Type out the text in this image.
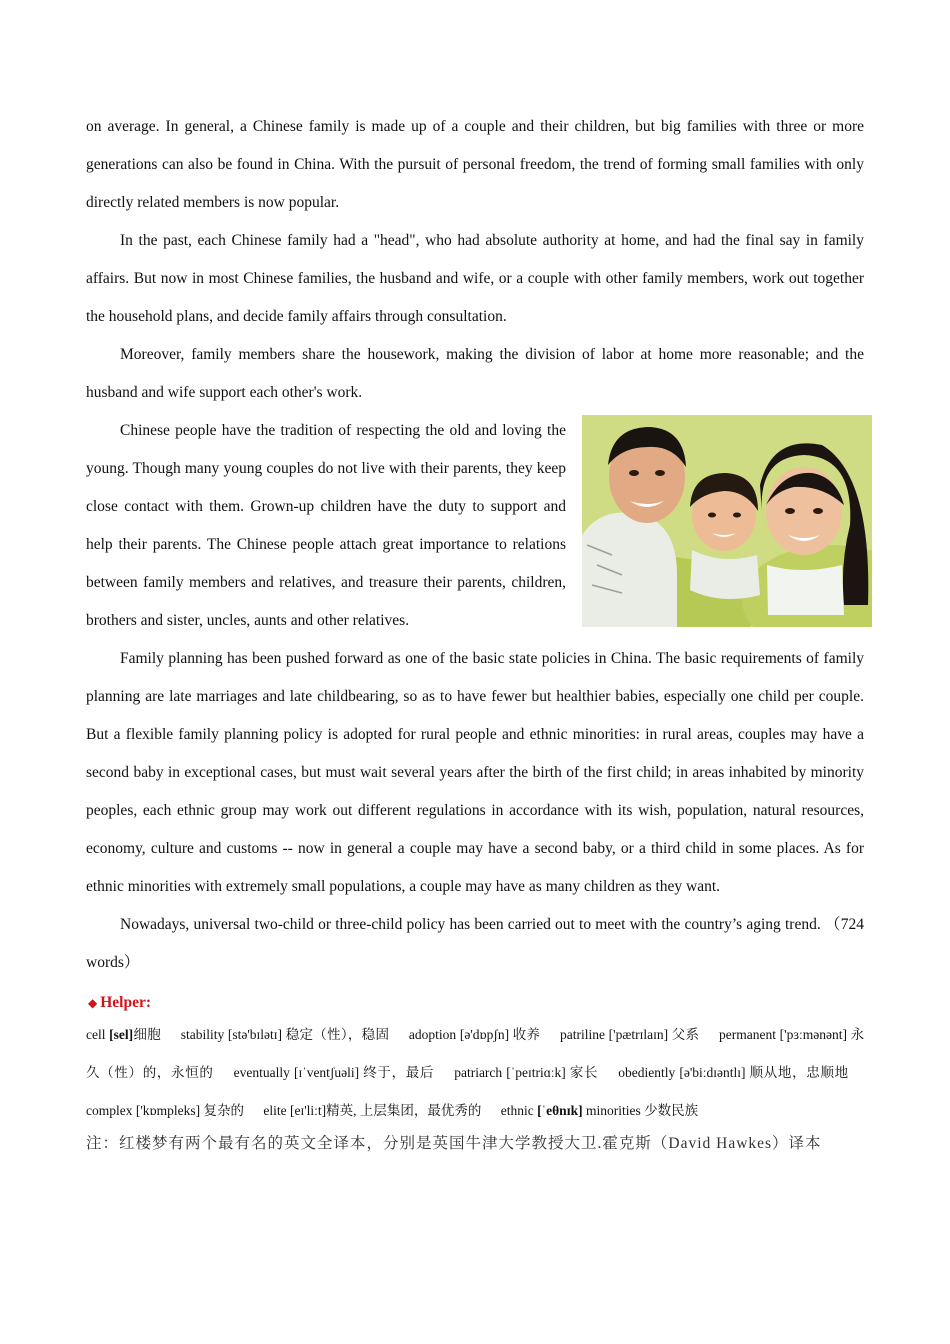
on average. In general, a Chinese family is made up of a couple and their children, but big families with three or more generations can also be found in China. With the pursuit of personal freedom, the trend of forming small families with only directly related members is now popular.

In the past, each Chinese family had a "head", who had absolute authority at home, and had the final say in family affairs. But now in most Chinese families, the husband and wife, or a couple with other family members, work out together the household plans, and decide family affairs through consultation.

Moreover, family members share the housework, making the division of labor at home more reasonable; and the husband and wife support each other's work.

Chinese people have the tradition of respecting the old and loving the young. Though many young couples do not live with their parents, they keep close contact with them. Grown-up children have the duty to support and help their parents. The Chinese people attach great importance to relations between family members and relatives, and treasure their parents, children, brothers and sister, uncles, aunts and other relatives.

Family planning has been pushed forward as one of the basic state policies in China. The basic requirements of family planning are late marriages and late childbearing, so as to have fewer but healthier babies, especially one child per couple. But a flexible family planning policy is adopted for rural people and ethnic minorities: in rural areas, couples may have a second baby in exceptional cases, but must wait several years after the birth of the first child; in areas inhabited by minority peoples, each ethnic group may work out different regulations in accordance with its wish, population, natural resources, economy, culture and customs -- now in general a couple may have a second baby, or a third child in some places. As for ethnic minorities with extremely small populations, a couple may have as many children as they want.

Nowadays, universal two-child or three-child policy has been carried out to meet with the country’s aging trend. （724 words）

◆ Helper:

cell [sel]细胞 stability [stə'bɪlətɪ] 稳定（性），稳固 adoption [ə'dɒpʃn] 收养 patriline ['pætrɪlaɪn] 父系 permanent ['pɜːmənənt] 永久（性）的，永恒的 eventually [ɪˈventʃuəli] 终于，最后 patriarch [ˈpeɪtriɑːk] 家长 obediently [ə'biːdɪəntlɪ] 顺从地，忠顺地 complex ['kɒmpleks] 复杂的 elite [eɪ'liːt]精英, 上层集团，最优秀的 ethnic [ˈeθnɪk] minorities 少数民族

注：红楼梦有两个最有名的英文全译本，分别是英国牛津大学教授大卫.霍克斯（David Hawkes）译本
